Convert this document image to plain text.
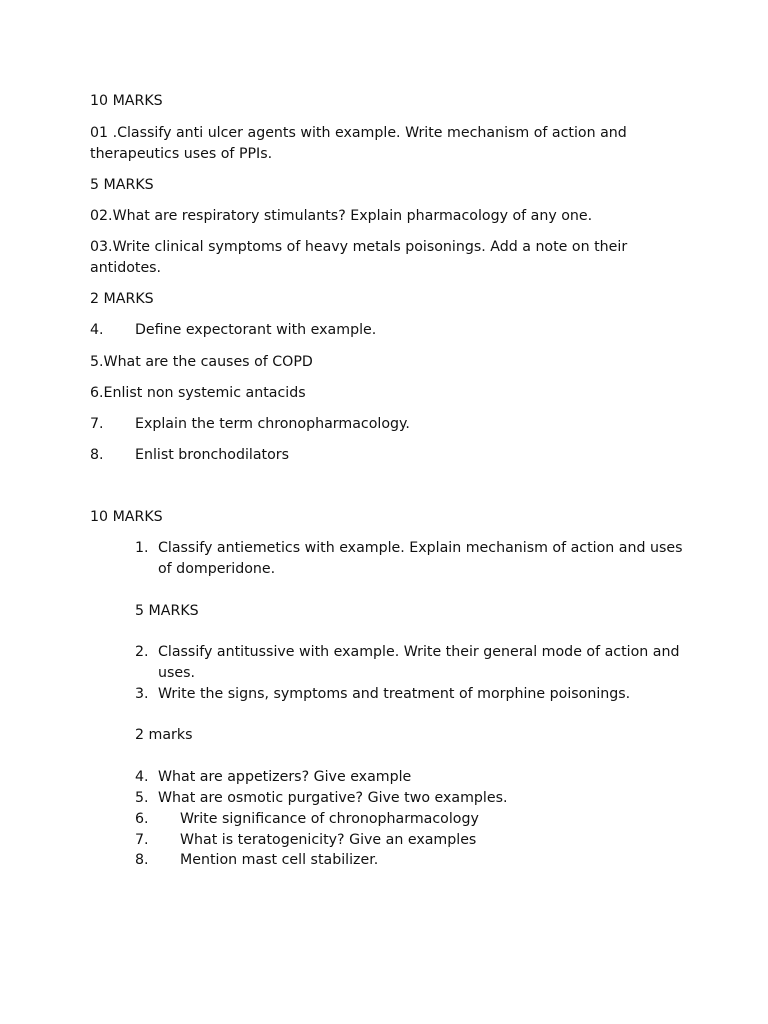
10 MARKS
01 .Classify anti ulcer agents with example. Write mechanism of action and therapeutics uses of PPIs.
5 MARKS
02.What are respiratory stimulants? Explain pharmacology of any one.
03.Write clinical symptoms of heavy metals poisonings. Add a note on their antidotes.
2 MARKS
4. Define expectorant with example.
5.What are the causes of COPD
6.Enlist non systemic antacids
7. Explain the term chronopharmacology.
8. Enlist bronchodilators
10 MARKS
1. Classify antiemetics with example. Explain mechanism of action and uses of domperidone.
5 MARKS
2. Classify antitussive with example. Write their general mode of action and uses.
3. Write the signs, symptoms and treatment of morphine poisonings.
2 marks
4. What are appetizers? Give example
5. What are osmotic purgative? Give two examples.
6. Write significance of chronopharmacology
7. What is teratogenicity? Give an examples
8. Mention mast cell stabilizer.
